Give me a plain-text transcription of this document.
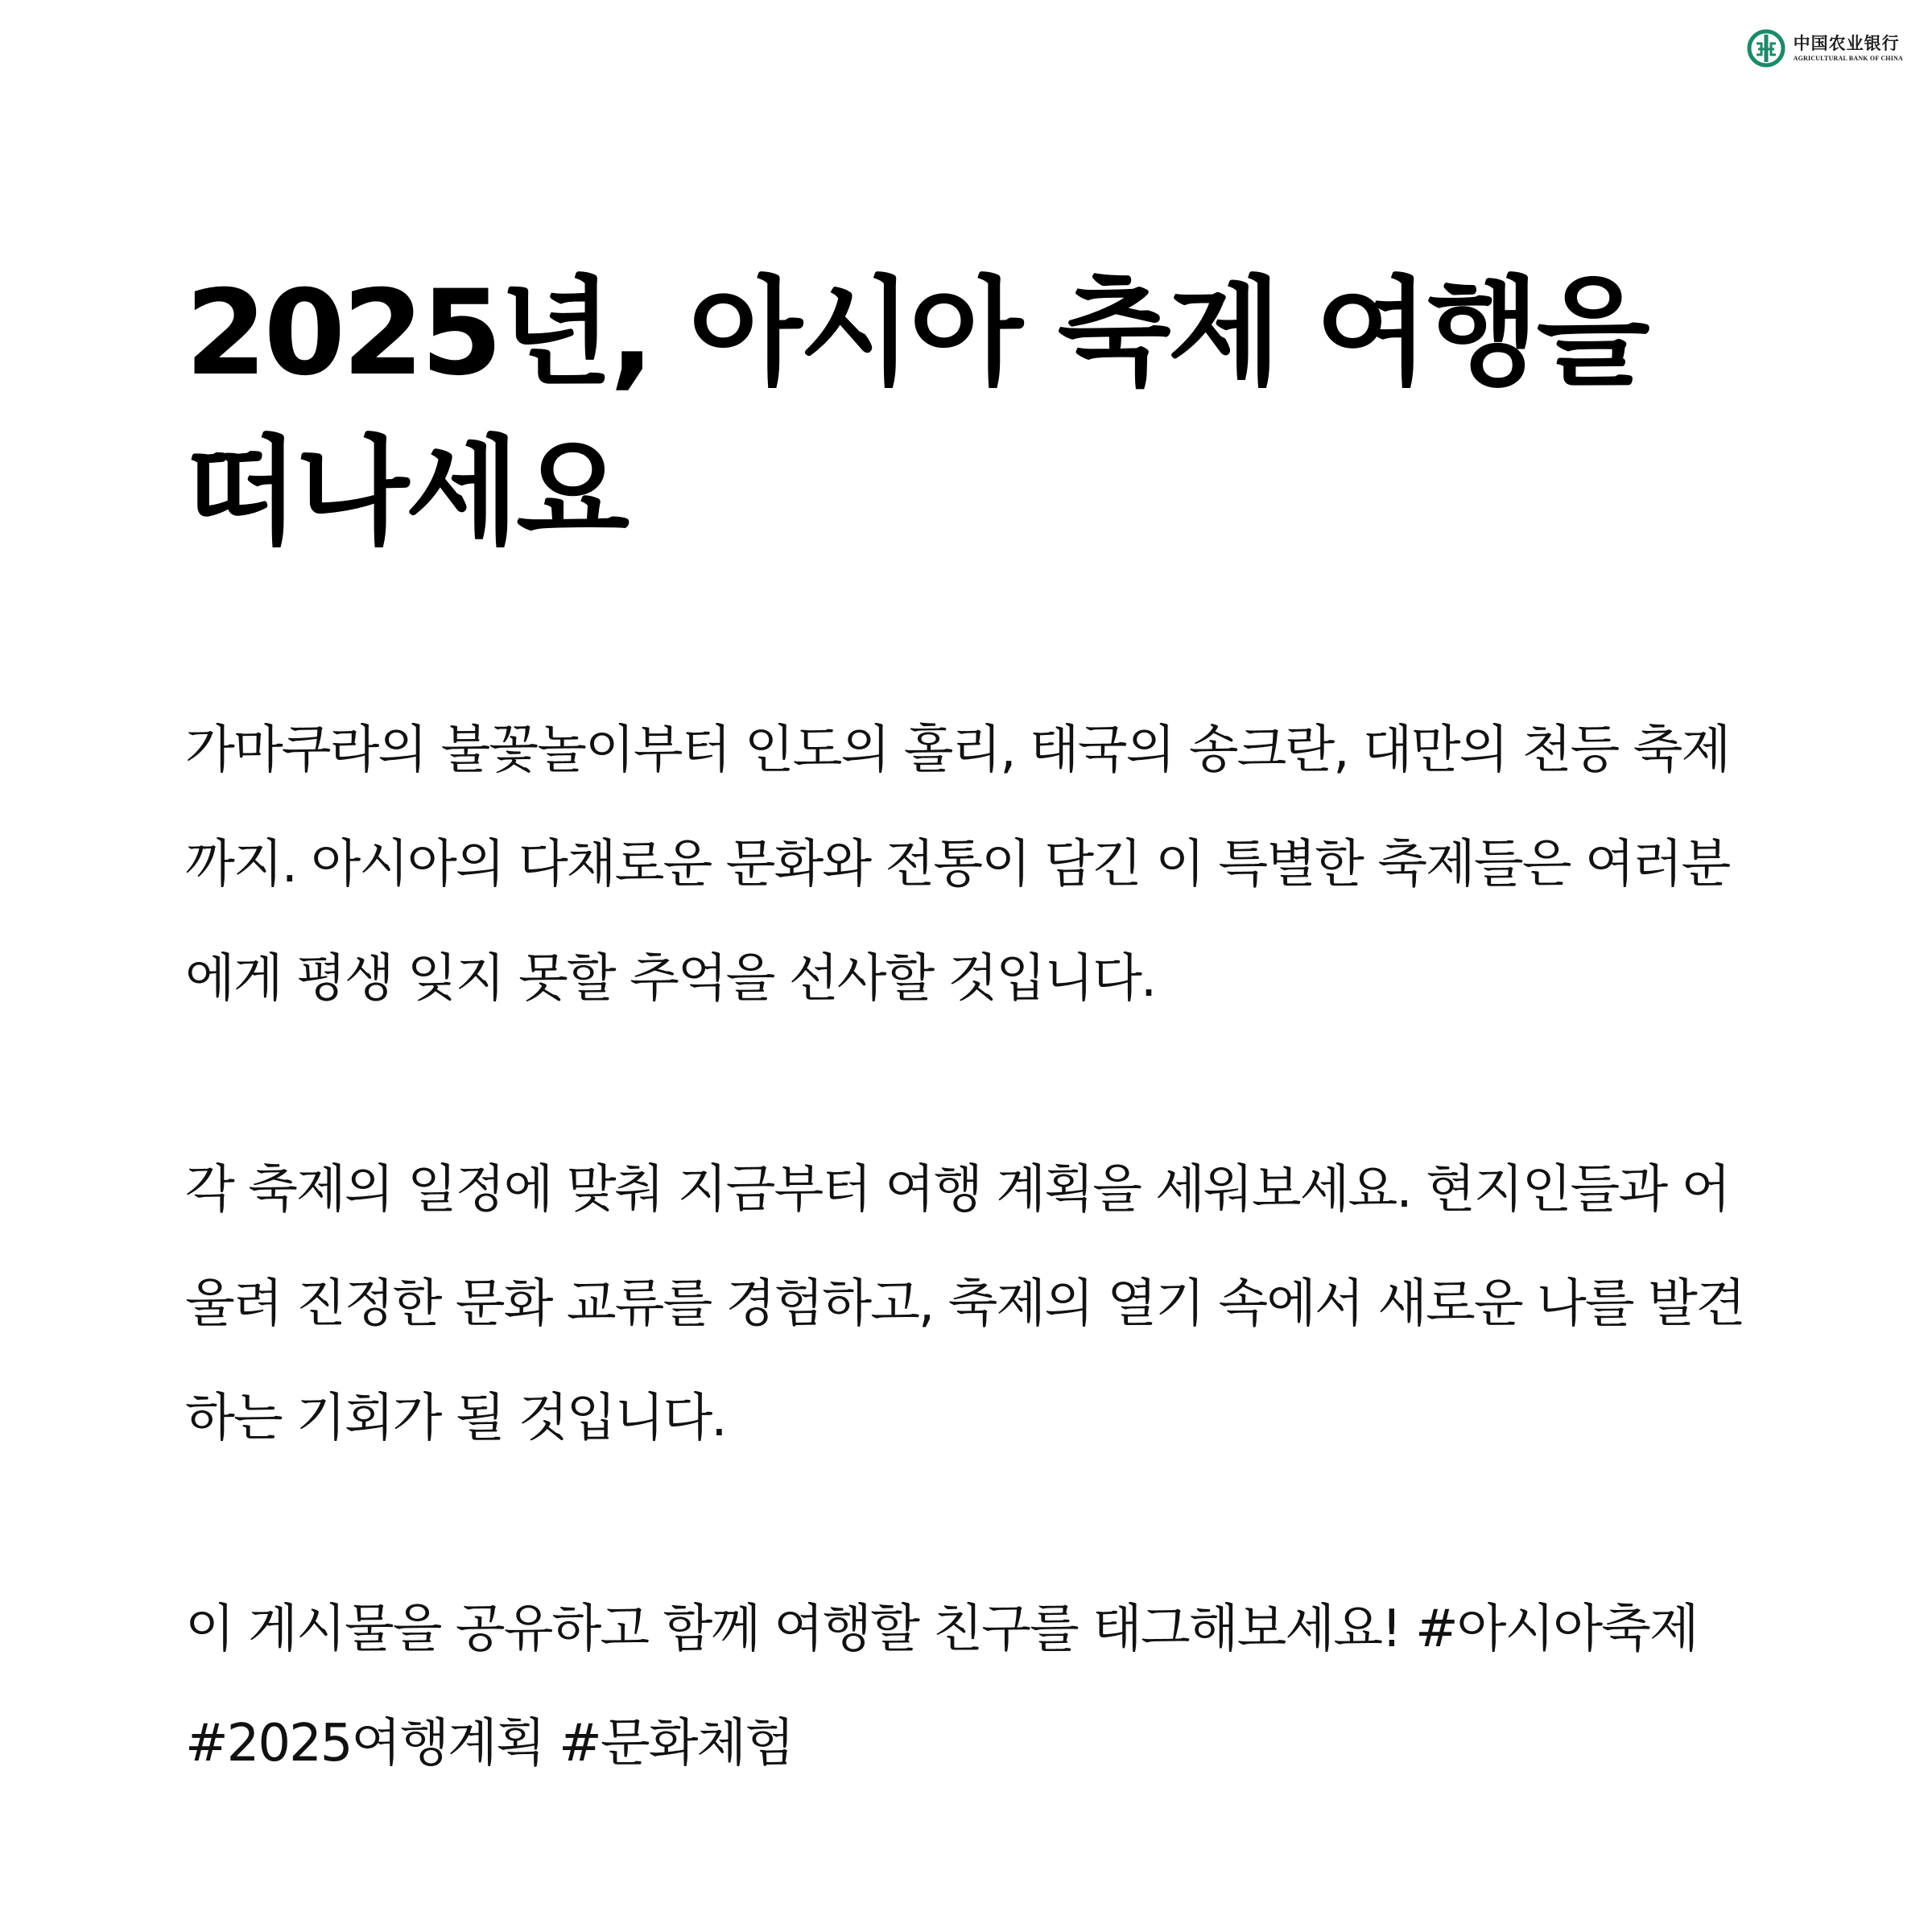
中国农业银行
AGRICULTURAL BANK OF CHINA
2025년, 아시아 축제 여행을 떠나세요

가마쿠라의 불꽃놀이부터 인도의 홀리, 태국의 송크란, 대만의 천등 축제까지. 아시아의 다채로운 문화와 전통이 담긴 이 특별한 축제들은 여러분에게 평생 잊지 못할 추억을 선사할 것입니다.

각 축제의 일정에 맞춰 지금부터 여행 계획을 세워보세요. 현지인들과 어울려 진정한 문화 교류를 경험하고, 축제의 열기 속에서 새로운 나를 발견하는 기회가 될 것입니다.

이 게시물을 공유하고 함께 여행할 친구를 태그해보세요! #아시아축제 #2025여행계획 #문화체험
